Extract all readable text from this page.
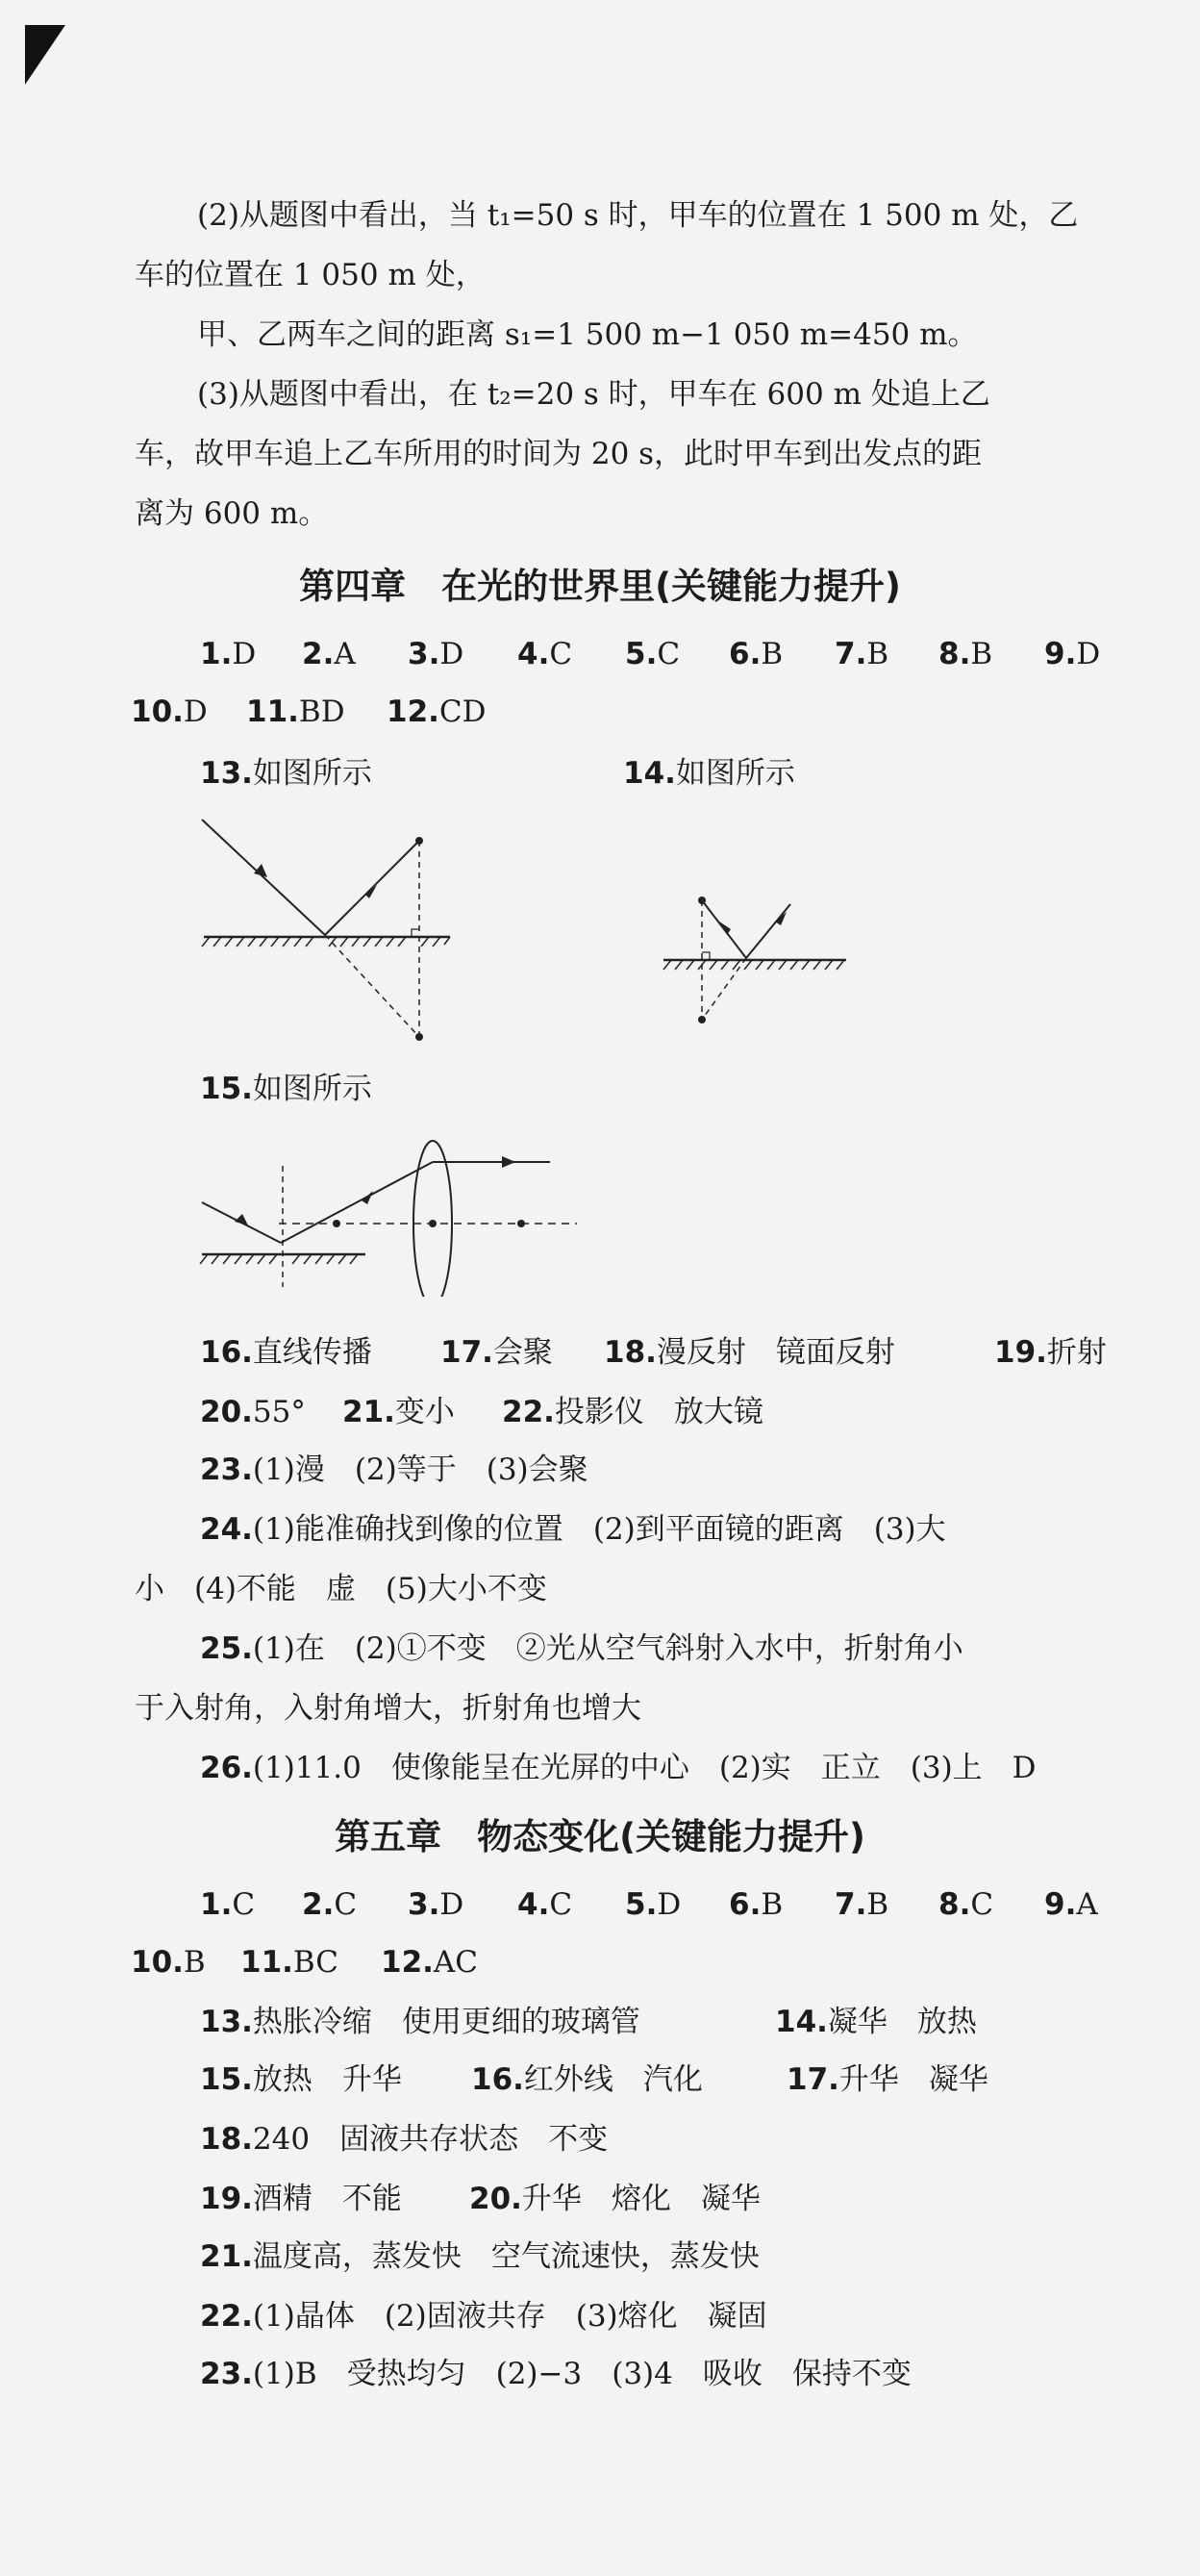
(2)从题图中看出，当 t₁=50 s 时，甲车的位置在 1 500 m 处，乙
车的位置在 1 050 m 处，
甲、乙两车之间的距离 s₁=1 500 m−1 050 m=450 m。
(3)从题图中看出，在 t₂=20 s 时，甲车在 600 m 处追上乙
车，故甲车追上乙车所用的时间为 20 s，此时甲车到出发点的距
离为 600 m。
第四章　在光的世界里(关键能力提升)
1.D 2.A 3.D 4.C 5.C 6.B 7.B 8.B 9.D
10.D 11.BD 12.CD
13.如图所示	14.如图所示
15.如图所示
16.直线传播 17.会聚 18.漫反射　镜面反射	19.折射
20.55° 21.变小 22.投影仪　放大镜
23.(1)漫　(2)等于　(3)会聚
24.(1)能准确找到像的位置　(2)到平面镜的距离　(3)大
小　(4)不能　虚　(5)大小不变
25.(1)在　(2)①不变　②光从空气斜射入水中，折射角小
于入射角，入射角增大，折射角也增大
26.(1)11.0　使像能呈在光屏的中心　(2)实　正立　(3)上　D
第五章　物态变化(关键能力提升)
1.C 2.C 3.D 4.C 5.D 6.B 7.B 8.C 9.A
10.B 11.BC 12.AC
13.热胀冷缩　使用更细的玻璃管	14.凝华　放热
15.放热　升华 16.红外线　汽化	17.升华　凝华
18.240　固液共存状态　不变
19.酒精　不能 20.升华　熔化　凝华
21.温度高，蒸发快　空气流速快，蒸发快
22.(1)晶体　(2)固液共存　(3)熔化　凝固
23.(1)B　受热均匀　(2)−3　(3)4　吸收　保持不变
